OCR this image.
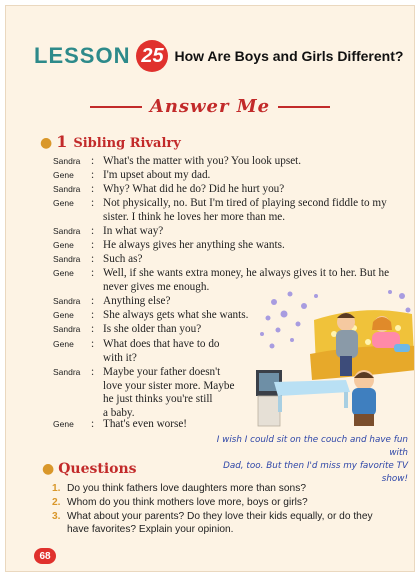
LESSON 25 How Are Boys and Girls Different?
Answer Me
● 1 Sibling Rivalry
Sandra : What's the matter with you? You look upset.
Gene	: I'm upset about my dad.
Sandra : Why? What did he do? Did he hurt you?
Gene	: Not physically, no. But I'm tired of playing second fiddle to my
sister. I think he loves her more than me.
Sandra : In what way?
Gene	: He always gives her anything she wants.
Sandra : Such as?
Gene	: Well, if she wants extra money, he always gives it to her. But he
never gives me enough.
Sandra : Anything else?
Gene	: She always gets what she wants.
Sandra : Is she older than you?
Gene	: What does that have to do
with it?
Sandra : Maybe your father doesn't
love your sister more. Maybe
he just thinks you're still
a baby.
Gene	: That's even worse!
I wish I could sit on the couch and have fun with
Dad, too. But then I'd miss my favorite TV show!
● Questions
1. Do you think fathers love daughters more than sons?
2. Whom do you think mothers love more, boys or girls?
3. What about your parents? Do they love their kids equally, or do they
have favorites? Explain your opinion.
68
